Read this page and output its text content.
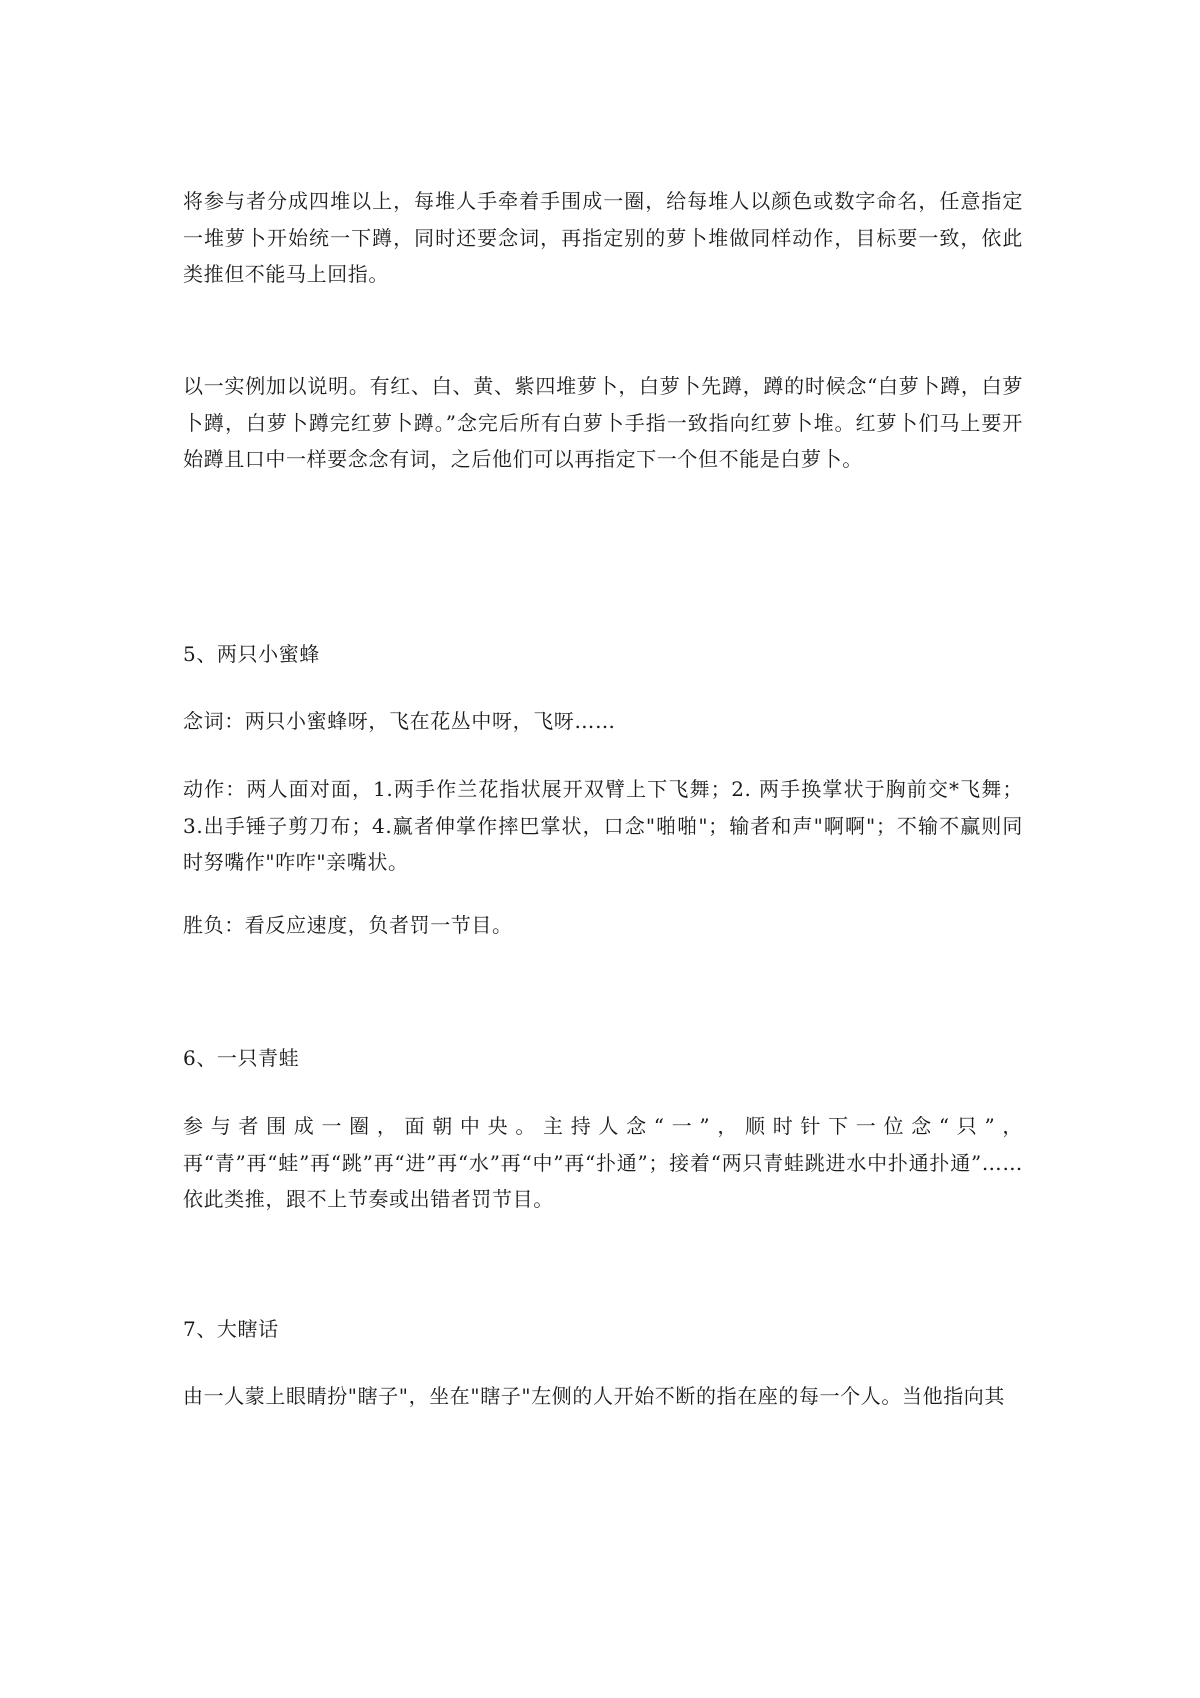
将参与者分成四堆以上，每堆人手牵着手围成一圈，给每堆人以颜色或数字命名，任意指定一堆萝卜开始统一下蹲，同时还要念词，再指定别的萝卜堆做同样动作，目标要一致，依此类推但不能马上回指。

以一实例加以说明。有红、白、黄、紫四堆萝卜，白萝卜先蹲，蹲的时候念“白萝卜蹲，白萝卜蹲，白萝卜蹲完红萝卜蹲。”念完后所有白萝卜手指一致指向红萝卜堆。红萝卜们马上要开始蹲且口中一样要念念有词，之后他们可以再指定下一个但不能是白萝卜。

5、两只小蜜蜂

念词：两只小蜜蜂呀，飞在花丛中呀，飞呀……

动作：两人面对面，1.两手作兰花指状展开双臂上下飞舞；2. 两手换掌状于胸前交*飞舞；3.出手锤子剪刀布；4.赢者伸掌作摔巴掌状，口念"啪啪"；输者和声"啊啊"；不输不赢则同时努嘴作"咋咋"亲嘴状。

胜负：看反应速度，负者罚一节目。

6、一只青蛙

参与者围成一圈，面朝中央。主持人念“一”，顺时针下一位念“只”，再“青”再“蛙”再“跳”再“进”再“水”再“中”再“扑通”；接着“两只青蛙跳进水中扑通扑通”……依此类推，跟不上节奏或出错者罚节目。

7、大瞎话

由一人蒙上眼睛扮"瞎子"，坐在"瞎子"左侧的人开始不断的指在座的每一个人。当他指向其
